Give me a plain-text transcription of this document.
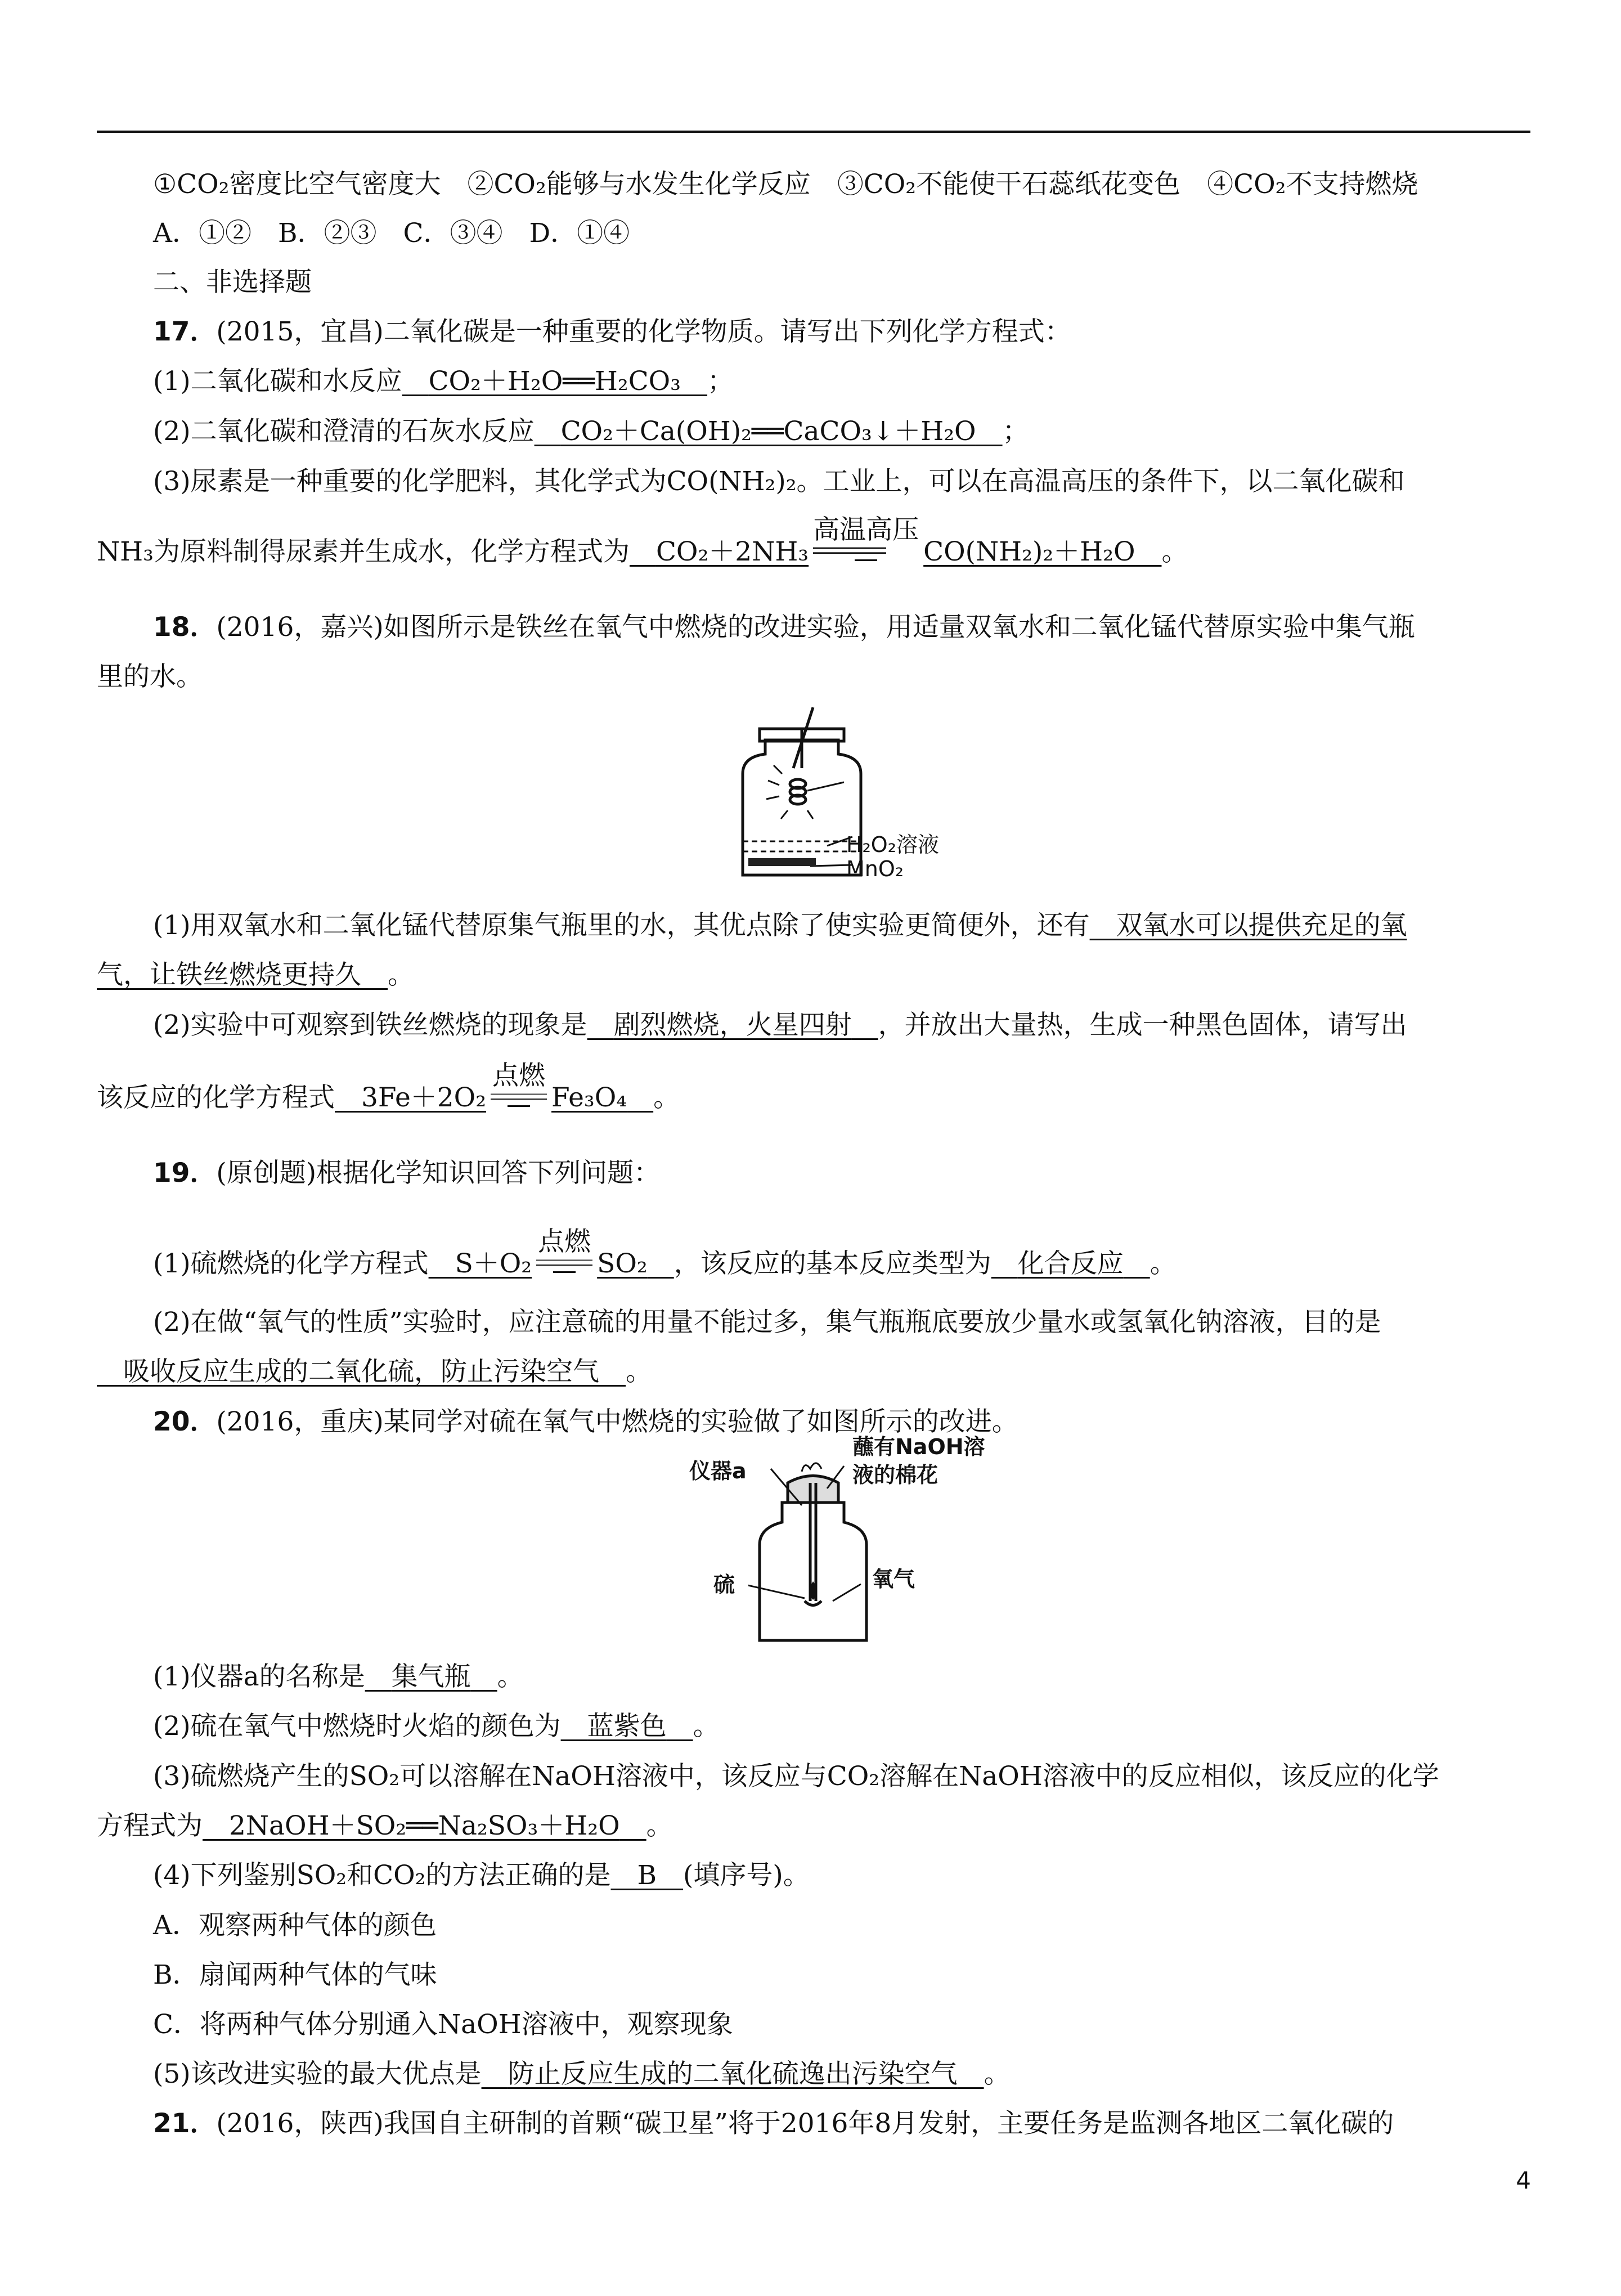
①CO₂密度比空气密度大　 ②CO₂能够与水发生化学反应　 ③CO₂不能使干石蕊纸花变色　 ④CO₂不支持燃烧
A．①②　B．②③　C．③④　D．①④
二、非选择题
17．(2015，宜昌)二氧化碳是一种重要的化学物质。请写出下列化学方程式：
(1)二氧化碳和水反应　 CO₂＋H₂O══H₂CO₃　 ；
(2)二氧化碳和澄清的石灰水反应　 CO₂＋Ca(OH)₂══CaCO₃↓＋H₂O　 ；
(3)尿素是一种重要的化学肥料，其化学式为CO(NH₂)₂。工业上，可以在高温高压的条件下，以二氧化碳和
NH₃为原料制得尿素并生成水，化学方程式为　 CO₂＋2NH₃
高温高压
CO(NH₂)₂＋H₂O　 。
18．(2016，嘉兴)如图所示是铁丝在氧气中燃烧的改进实验，用适量双氧水和二氧化锰代替原实验中集气瓶
里的水。
H₂O₂溶液
MnO₂
(1)用双氧水和二氧化锰代替原集气瓶里的水，其优点除了使实验更简便外，还有　 双氧水可以提供充足的氧
气，让铁丝燃烧更持久　 。
(2)实验中可观察到铁丝燃烧的现象是　 剧烈燃烧，火星四射　 ，并放出大量热，生成一种黑色固体，请写出
该反应的化学方程式　 3Fe＋2O₂
点燃
Fe₃O₄　 。
19．(原创题)根据化学知识回答下列问题：
(1)硫燃烧的化学方程式　 S＋O₂
点燃
SO₂　 ，该反应的基本反应类型为　 化合反应　 。
(2)在做“氧气的性质”实验时，应注意硫的用量不能过多，集气瓶瓶底要放少量水或氢氧化钠溶液，目的是
　吸收反应生成的二氧化硫，防止污染空气　 。
20．(2016，重庆)某同学对硫在氧气中燃烧的实验做了如图所示的改进。
仪器a
蘸有NaOH溶
液的棉花
硫	氧气
(1)仪器a的名称是　 集气瓶　 。
(2)硫在氧气中燃烧时火焰的颜色为　 蓝紫色　 。
(3)硫燃烧产生的SO₂可以溶解在NaOH溶液中，该反应与CO₂溶解在NaOH溶液中的反应相似，该反应的化学
方程式为　 2NaOH＋SO₂══Na₂SO₃＋H₂O　 。
(4)下列鉴别SO₂和CO₂的方法正确的是　 B　 (填序号)。
A．观察两种气体的颜色
B．扇闻两种气体的气味
C．将两种气体分别通入NaOH溶液中，观察现象
(5)该改进实验的最大优点是　 防止反应生成的二氧化硫逸出污染空气　 。
21．(2016，陕西)我国自主研制的首颗“碳卫星”将于2016年8月发射，主要任务是监测各地区二氧化碳的
4
